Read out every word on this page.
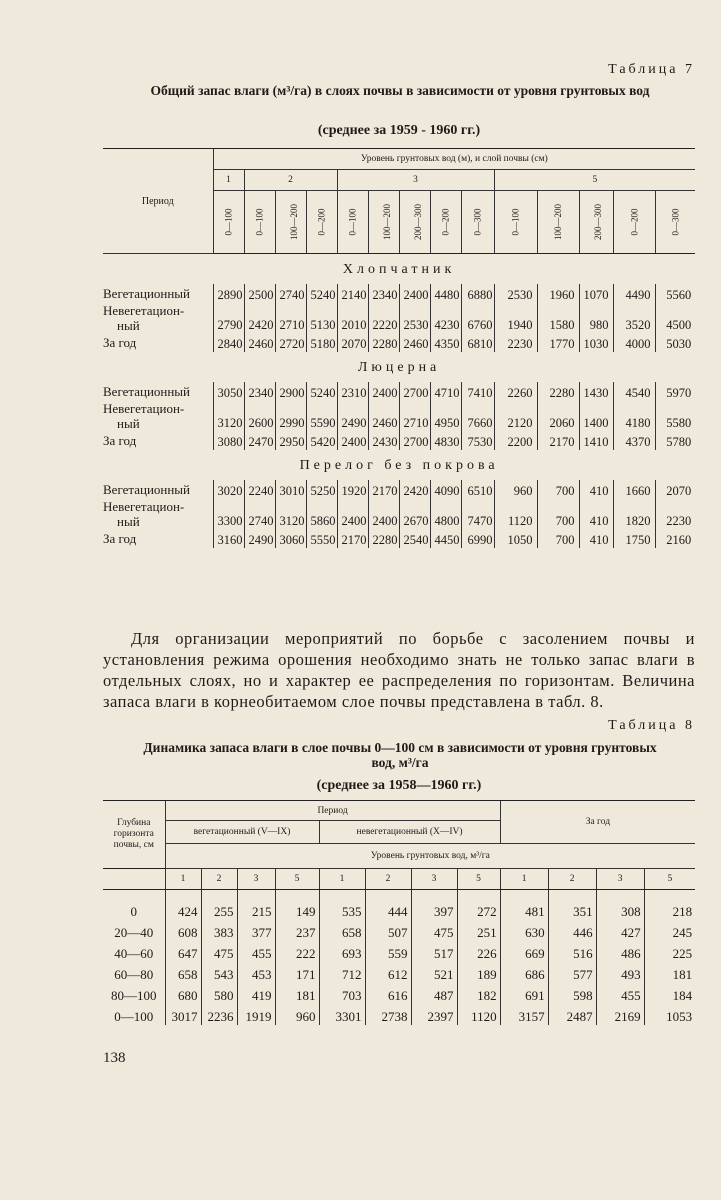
Таблица 7
Общий запас влаги (м³/га) в слоях почвы в зависимости от уровня грунтовых вод
(среднее за 1959 - 1960 гг.)
Период	Уровень грунтовых вод (м), и слой почвы (см)													
	1	2			3					5				
	0—100	0—100	100—200	0—200	0—100	100—200	200—300	0—200	0—300	0—100	100—200	200—300	0—200	0—300
Хлопчатник														
Вегетационный	2890	2500	2740	5240	2140	2340	2400	4480	6880	2530	1960	1070	4490	5560

Невегетацион-
ный	2790	2420	2710	5130	2010	2220	2530	4230	6760	1940	1580	980	3520	4500
За год	2840	2460	2720	5180	2070	2280	2460	4350	6810	2230	1770	1030	4000	5030
Люцерна														
Вегетационный	3050	2340	2900	5240	2310	2400	2700	4710	7410	2260	2280	1430	4540	5970

Невегетацион-
ный	3120	2600	2990	5590	2490	2460	2710	4950	7660	2120	2060	1400	4180	5580
За год	3080	2470	2950	5420	2400	2430	2700	4830	7530	2200	2170	1410	4370	5780
Перелог без покрова														
Вегетационный	3020	2240	3010	5250	1920	2170	2420	4090	6510	960	700	410	1660	2070

Невегетацион-
ный	3300	2740	3120	5860	2400	2400	2670	4800	7470	1120	700	410	1820	2230
За год	3160	2490	3060	5550	2170	2280	2540	4450	6990	1050	700	410	1750	2160

Для организации мероприятий по борьбе с засолением почвы и установления режима орошения необходимо знать не только запас влаги в отдельных слоях, но и характер ее распределения по горизонтам. Величина запаса влаги в корнеобитаемом слое почвы представлена в табл. 8.

Таблица 8
Динамика запаса влаги в слое почвы 0—100 см в зависимости от уровня грунтовых вод, м³/га
(среднее за 1958—1960 гг.)
Глубина горизонта почвы, см	Период								За год			
	вегетационный (V—IX)				невегетационный (X—IV)							
	Уровень грунтовых вод, м³/га											
	1	2	3	5	1	2	3	5	1	2	3	5
0	424	255	215	149	535	444	397	272	481	351	308	218
20—40	608	383	377	237	658	507	475	251	630	446	427	245
40—60	647	475	455	222	693	559	517	226	669	516	486	225
60—80	658	543	453	171	712	612	521	189	686	577	493	181
80—100	680	580	419	181	703	616	487	182	691	598	455	184
0—100	3017	2236	1919	960	3301	2738	2397	1120	3157	2487	2169	1053
138
